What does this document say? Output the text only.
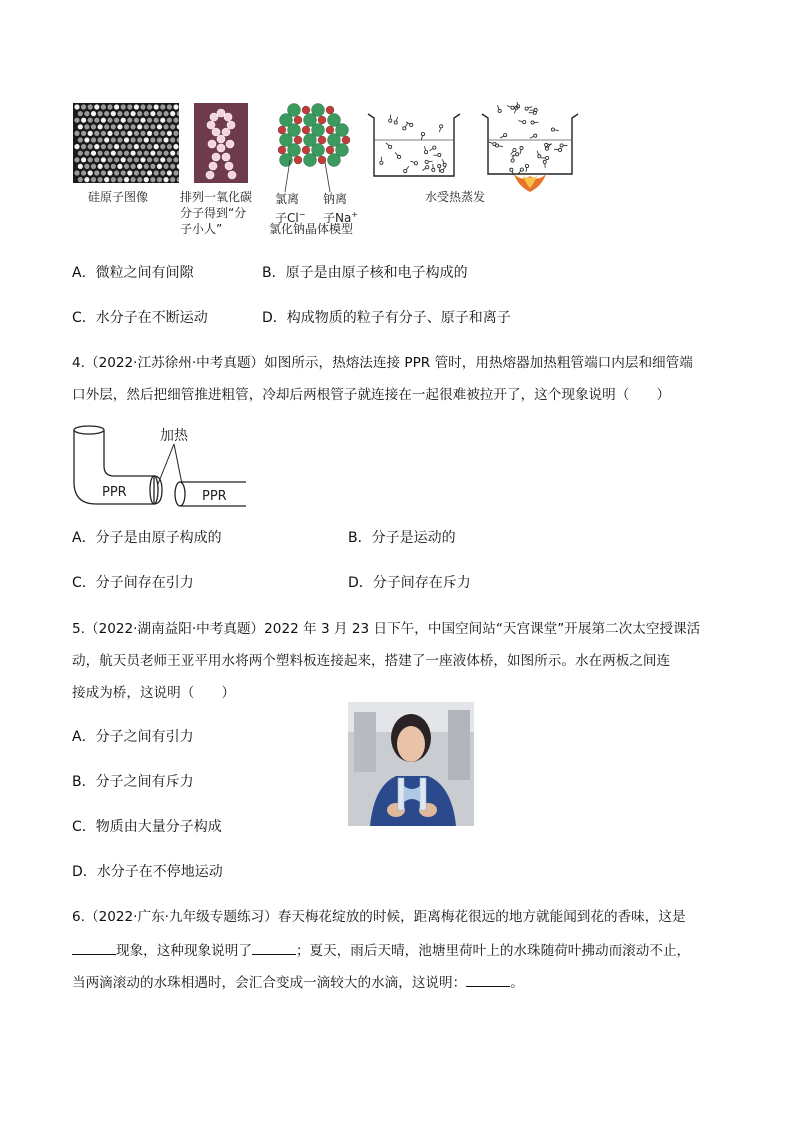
硅原子图像	排列一氧化碳
分子得到“分
子小人”
氯离
子Cl−
钠离
子Na+
氯化钠晶体模型
水受热蒸发
A．微粒之间有间隙	B．原子是由原子核和电子构成的
C．水分子在不断运动	D．构成物质的粒子有分子、原子和离子
4.（2022·江苏徐州·中考真题）如图所示，热熔法连接 PPR 管时，用热熔器加热粗管端口内层和细管端
口外层，然后把细管推进粗管，冷却后两根管子就连接在一起很难被拉开了，这个现象说明（　　）
加热
PPR	PPR
A．分子是由原子构成的	B．分子是运动的
C．分子间存在引力	D．分子间存在斥力
5.（2022·湖南益阳·中考真题）2022 年 3 月 23 日下午，中国空间站“天宫课堂”开展第二次太空授课活
动，航天员老师王亚平用水将两个塑料板连接起来，搭建了一座液体桥，如图所示。水在两板之间连
接成为桥，这说明（　　）
A．分子之间有引力
B．分子之间有斥力
C．物质由大量分子构成
D．水分子在不停地运动
6.（2022·广东·九年级专题练习）春天梅花绽放的时候，距离梅花很远的地方就能闻到花的香味，这是
现象，这种现象说明了	；夏天，雨后天晴，池塘里荷叶上的水珠随荷叶拂动而滚动不止，
当两滴滚动的水珠相遇时，会汇合变成一滴较大的水滴，这说明：	。
